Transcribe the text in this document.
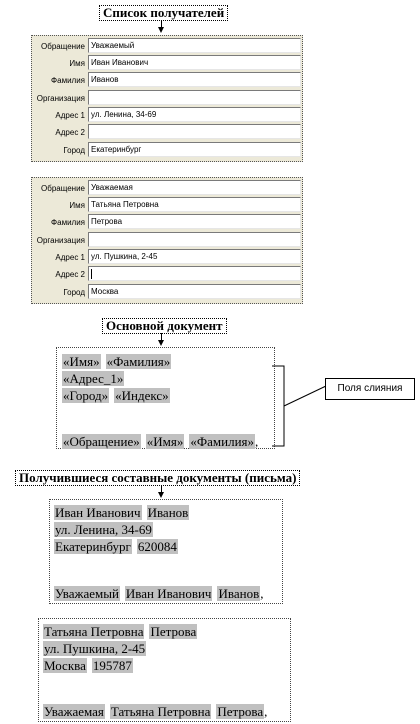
Список получателей
Обращение Уважаемый
Имя Иван Иванович
Фамилия Иванов
Организация
Адрес 1 ул. Ленина, 34-69
Адрес 2
Город Екатеринбург
Обращение Уважаемая
Имя Татьяна Петровна
Фамилия Петрова
Организация
Адрес 1 ул. Пушкина, 2-45
Адрес 2
Город Москва
Основной документ
«Имя» «Фамилия»
«Адрес_1»
«Город» «Индекс»
«Обращение» «Имя» «Фамилия»,
Поля слияния
Получившиеся составные документы (письма)
Иван Иванович Иванов
ул. Ленина, 34-69
Екатеринбург 620084
Уважаемый Иван Иванович Иванов,
Татьяна Петровна Петрова
ул. Пушкина, 2-45
Москва 195787
Уважаемая Татьяна Петровна Петрова,
